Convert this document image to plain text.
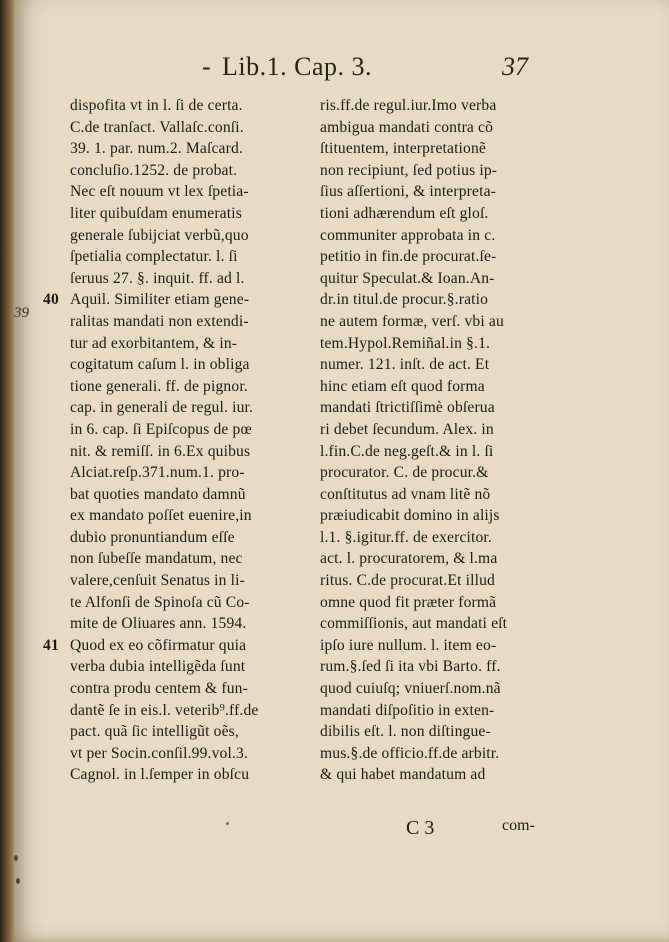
- Lib.1. Cap. 3.	37
39
dispofita vt in l. ſi de certa.
C.de tranſact. Vallaſc.conſi.
39. 1. par. num.2. Maſcard.
concluſio.1252. de probat.
Nec eſt nouum vt lex ſpetia-
liter quibuſdam enumeratis
generale ſubijciat verbũ,quo
ſpetialia complectatur. l. ſi
ſeruus 27. §. inquit. ff. ad l.
Aquil. Similiter etiam gene-
40
ralitas mandati non extendi-
tur ad exorbitantem, & in-
cogitatum caſum l. in obliga
tione generali. ff. de pignor.
cap. in generali de regul. iur.
in 6. cap. ſi Epiſcopus de pœ
nit. & remiſſ. in 6.Ex quibus
Alciat.reſp.371.num.1. pro-
bat quoties mandato damnũ
ex mandato poſſet euenire,in
dubio pronuntiandum eſſe
non ſubeſſe mandatum, nec
valere,cenſuit Senatus in li-
te Alfonſi de Spinoſa cũ Co-
mite de Oliuares ann. 1594.
Quod ex eo cõfirmatur quia
41
verba dubia intelligẽda ſunt
contra produ centem & fun-
dantẽ ſe in eis.l. veterib⁹.ff.de
pact. quã ſic intelligũt oẽs,
vt per Socin.conſil.99.vol.3.
Cagnol. in l.ſemper in obſcu
ris.ff.de regul.iur.Imo verba
ambigua mandati contra cõ
ſtituentem, interpretationẽ
non recipiunt, ſed potius ip-
ſius aſſertioni, & interpreta-
tioni adhærendum eſt gloſ.
communiter approbata in c.
petitio in fin.de procurat.ſe-
quitur Speculat.& Ioan.An-
dr.in titul.de procur.§.ratio
ne autem formæ, verſ. vbi au
tem.Hypol.Remiñal.in §.1.
numer. 121. inſt. de act. Et
hinc etiam eſt quod forma
mandati ſtrictiſſimè obſerua
ri debet ſecundum. Alex. in
l.fin.C.de neg.geſt.& in l. ſi
procurator. C. de procur.&
conſtitutus ad vnam litẽ nõ
præiudicabit domino in alijs
l.1. §.igitur.ff. de exercitor.
act. l. procuratorem, & l.ma
ritus. C.de procurat.Et illud
omne quod fit præter formã
commiſſionis, aut mandati eſt
ipſo iure nullum. l. item eo-
rum.§.ſed ſi ita vbi Barto. ff.
quod cuiuſq; vniuerſ.nom.nã
mandati diſpoſitio in exten-
dibilis eſt. l. non diſtingue-
mus.§.de officio.ff.de arbitr.
& qui habet mandatum ad
C 3	com-
